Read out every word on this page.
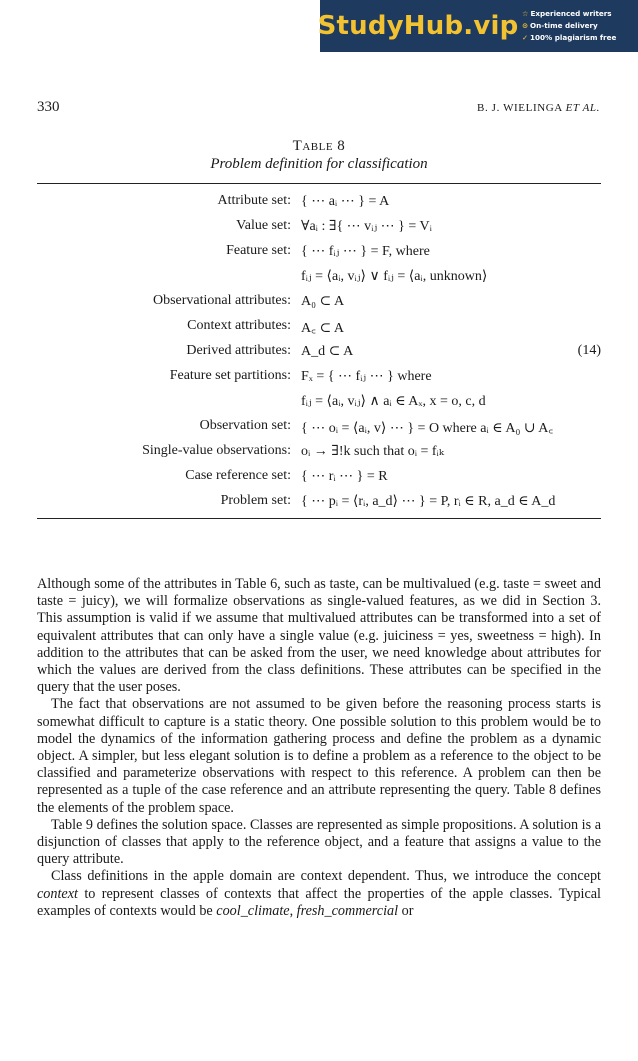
StudyHub.vip ☆ Experienced writers
⊙ On-time delivery
✓ 100% plagiarism free
330	B. J. WIELINGA ET AL.
Table 8
Problem definition for classification
Attribute set: { ⋯ aᵢ ⋯ } = A
Value set: ∀aᵢ : ∃{ ⋯ vᵢⱼ ⋯ } = Vᵢ
Feature set: { ⋯ fᵢⱼ ⋯ } = F, where
fᵢⱼ = ⟨aᵢ, vᵢⱼ⟩ ∨ fᵢⱼ = ⟨aᵢ, unknown⟩
Observational attributes: A₀ ⊂ A
Context attributes: A꜀ ⊂ A
Derived attributes: A_d ⊂ A	(14)
Feature set partitions: Fₓ = { ⋯ fᵢⱼ ⋯ } where
fᵢⱼ = ⟨aᵢ, vᵢⱼ⟩ ∧ aᵢ ∈ Aₓ, x = o, c, d
Observation set: { ⋯ oᵢ = ⟨aᵢ, v⟩ ⋯ } = O where aᵢ ∈ A₀ ∪ A꜀
Single-value observations: oᵢ → ∃!k such that oᵢ = fᵢₖ
Case reference set: { ⋯ rᵢ ⋯ } = R
Problem set: { ⋯ pᵢ = ⟨rᵢ, a_d⟩ ⋯ } = P, rᵢ ∈ R, a_d ∈ A_d

Although some of the attributes in Table 6, such as taste, can be multivalued (e.g. taste = sweet and taste = juicy), we will formalize observations as single-valued features, as we did in Section 3. This assumption is valid if we assume that multivalued attributes can be transformed into a set of equivalent attributes that can only have a single value (e.g. juiciness = yes, sweetness = high). In addition to the attributes that can be asked from the user, we need knowledge about attributes for which the values are derived from the class definitions. These attributes can be specified in the query that the user poses.

The fact that observations are not assumed to be given before the reasoning process starts is somewhat difficult to capture is a static theory. One possible solution to this problem would be to model the dynamics of the information gathering process and define the problem as a dynamic object. A simpler, but less elegant solution is to define a problem as a reference to the object to be classified and parameterize observations with respect to this reference. A problem can then be represented as a tuple of the case reference and an attribute representing the query. Table 8 defines the elements of the problem space.

Table 9 defines the solution space. Classes are represented as simple propositions. A solution is a disjunction of classes that apply to the reference object, and a feature that assigns a value to the query attribute.

Class definitions in the apple domain are context dependent. Thus, we introduce the concept context to represent classes of contexts that affect the properties of the apple classes. Typical examples of contexts would be cool_climate, fresh_commercial or
